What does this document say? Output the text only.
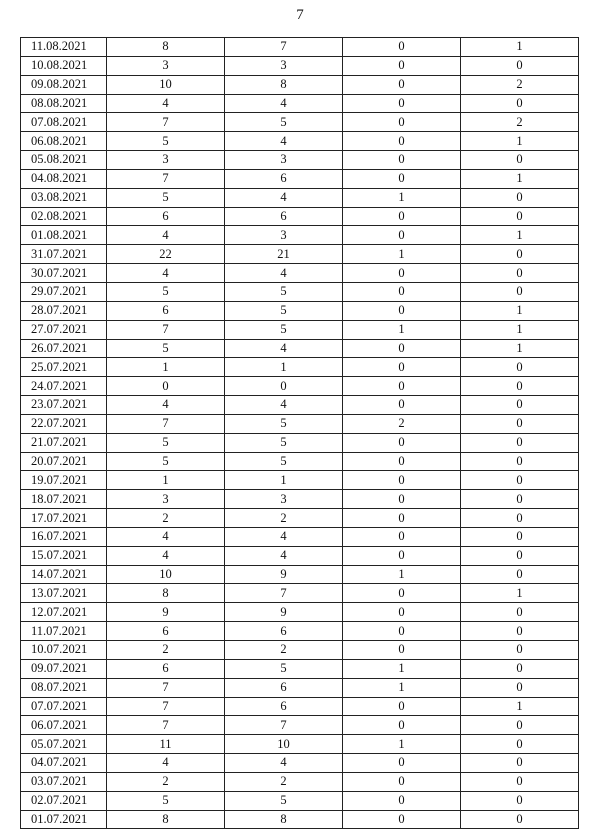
7
11.08.2021	8	7	0	1
10.08.2021	3	3	0	0
09.08.2021	10	8	0	2
08.08.2021	4	4	0	0
07.08.2021	7	5	0	2
06.08.2021	5	4	0	1
05.08.2021	3	3	0	0
04.08.2021	7	6	0	1
03.08.2021	5	4	1	0
02.08.2021	6	6	0	0
01.08.2021	4	3	0	1
31.07.2021	22	21	1	0
30.07.2021	4	4	0	0
29.07.2021	5	5	0	0
28.07.2021	6	5	0	1
27.07.2021	7	5	1	1
26.07.2021	5	4	0	1
25.07.2021	1	1	0	0
24.07.2021	0	0	0	0
23.07.2021	4	4	0	0
22.07.2021	7	5	2	0
21.07.2021	5	5	0	0
20.07.2021	5	5	0	0
19.07.2021	1	1	0	0
18.07.2021	3	3	0	0
17.07.2021	2	2	0	0
16.07.2021	4	4	0	0
15.07.2021	4	4	0	0
14.07.2021	10	9	1	0
13.07.2021	8	7	0	1
12.07.2021	9	9	0	0
11.07.2021	6	6	0	0
10.07.2021	2	2	0	0
09.07.2021	6	5	1	0
08.07.2021	7	6	1	0
07.07.2021	7	6	0	1
06.07.2021	7	7	0	0
05.07.2021	11	10	1	0
04.07.2021	4	4	0	0
03.07.2021	2	2	0	0
02.07.2021	5	5	0	0
01.07.2021	8	8	0	0
